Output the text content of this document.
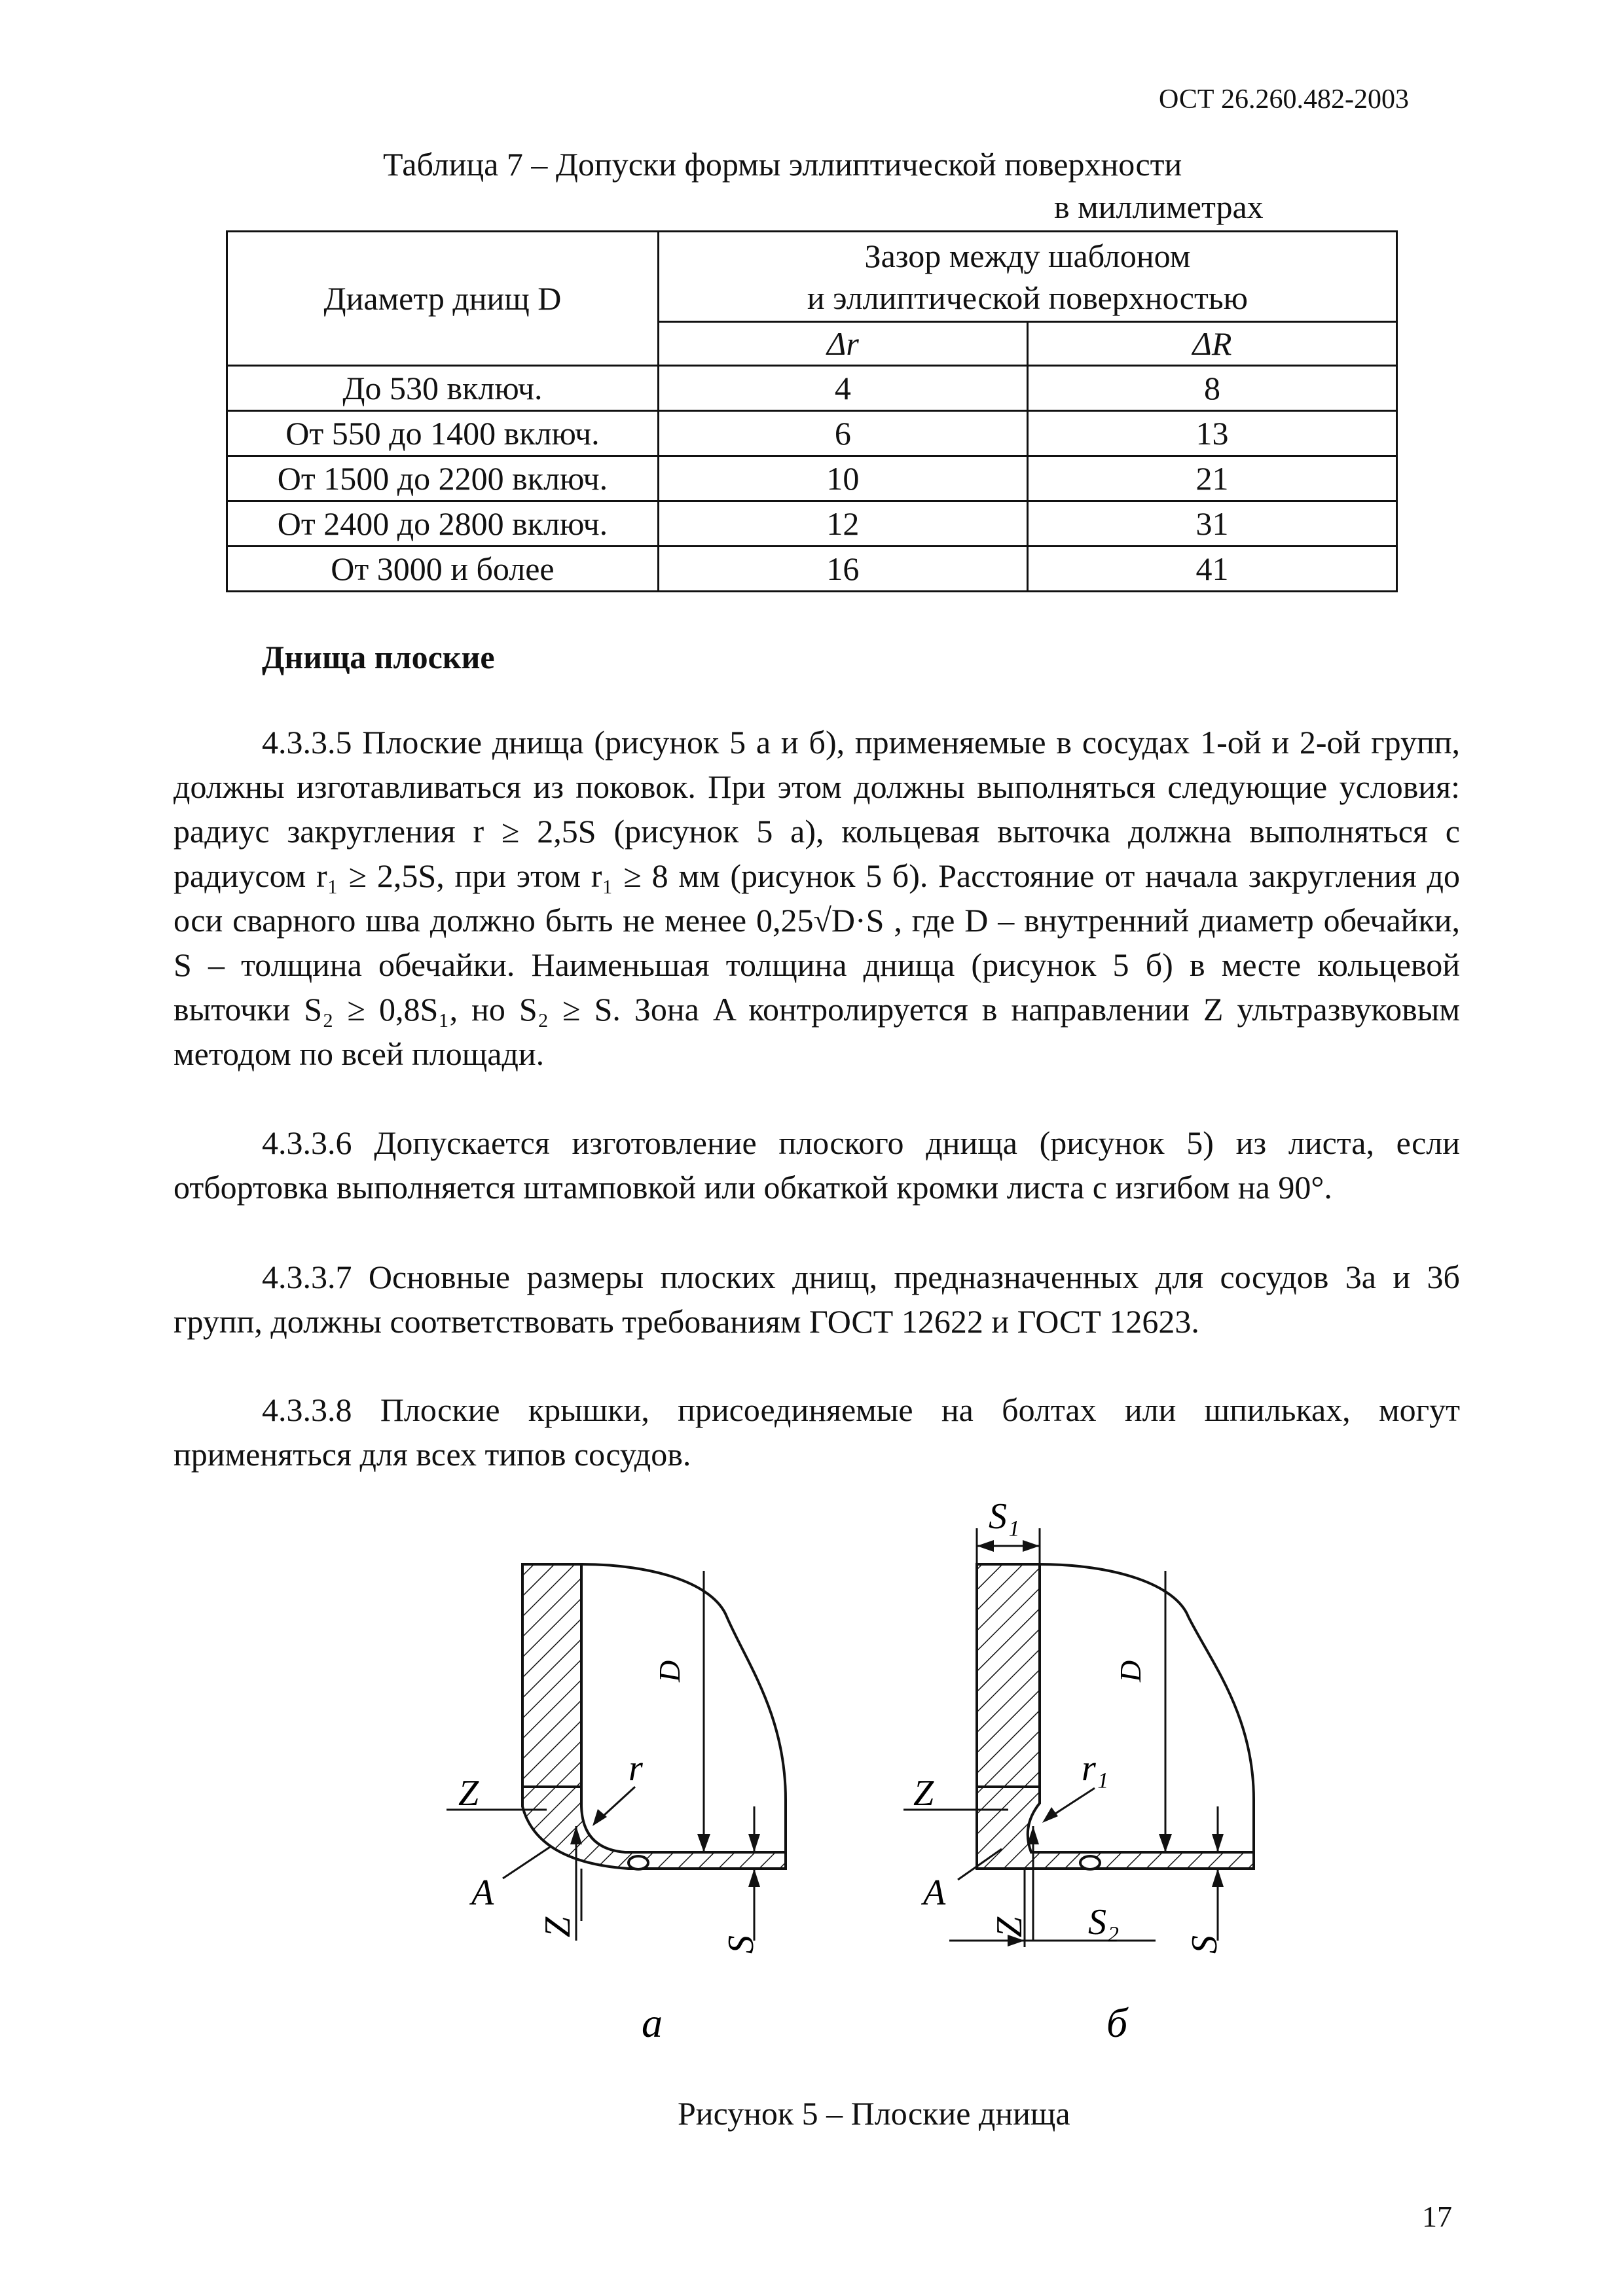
ОСТ 26.260.482-2003
Таблица 7 – Допуски формы эллиптической поверхности
в миллиметрах
Диаметр днищ D	Зазор между шаблоном
и эллиптической поверхностью	
	Δr	ΔR
До 530 включ.	4	8
От 550 до 1400 включ.	6	13
От 1500 до 2200 включ.	10	21
От 2400 до 2800 включ.	12	31
От 3000 и более	16	41
Днища плоские
4.3.3.5 Плоские днища (рисунок 5 а и б), применяемые в сосудах 1-ой и 2-ой групп, должны изготавливаться из поковок. При этом должны выполняться следующие условия: радиус закругления r ≥ 2,5S (рисунок 5 а), кольцевая выточка должна выполняться с радиусом r₁ ≥ 2,5S, при этом r₁ ≥ 8 мм (рисунок 5 б). Расстояние от начала закругления до оси сварного шва должно быть не менее 0,25√D·S , где D – внутренний диаметр обечайки, S – толщина обечайки. Наименьшая толщина днища (рисунок 5 б) в месте кольцевой выточки S₂ ≥ 0,8S₁, но S₂ ≥ S. Зона A контролируется в направлении Z ультразвуковым методом по всей площади.
4.3.3.6 Допускается изготовление плоского днища (рисунок 5) из листа, если отбортовка выполняется штамповкой или обкаткой кромки листа с изгибом на 90°.
4.3.3.7 Основные размеры плоских днищ, предназначенных для сосудов 3а и 3б групп, должны соответствовать требованиям ГОСТ 12622 и ГОСТ 12623.
4.3.3.8 Плоские крышки, присоединяемые на болтах или шпильках, могут применяться для всех типов сосудов.
Z
A
r
D
S
Z
S₁
Z
A
r₁
D
S
Z S₂
а	б
Рисунок 5 – Плоские днища
17
